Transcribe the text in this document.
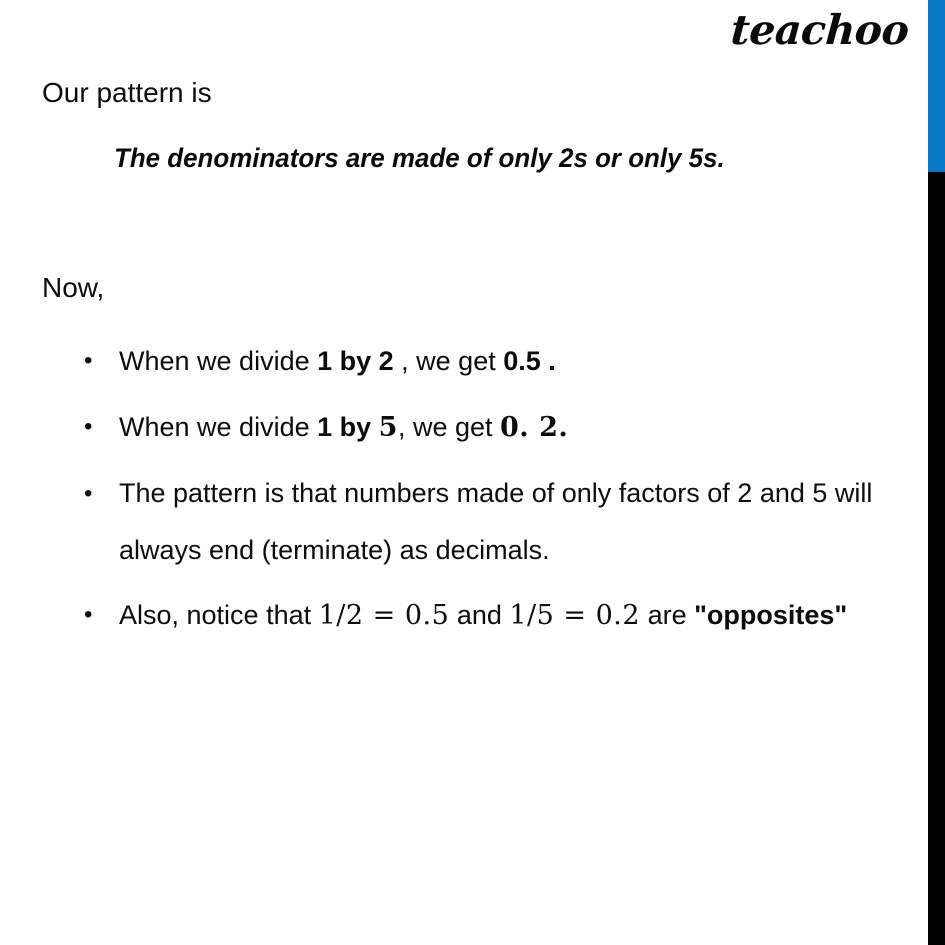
teachoo
Our pattern is
The denominators are made of only 2s or only 5s.
Now,
• When we divide 1 by 2 , we get 0.5 .
• When we divide 1 by 5, we get 0. 2.
• The pattern is that numbers made of only factors of 2 and 5 will always end (terminate) as decimals.
• Also, notice that 1/2 = 0.5 and 1/5 = 0.2 are "opposites"
